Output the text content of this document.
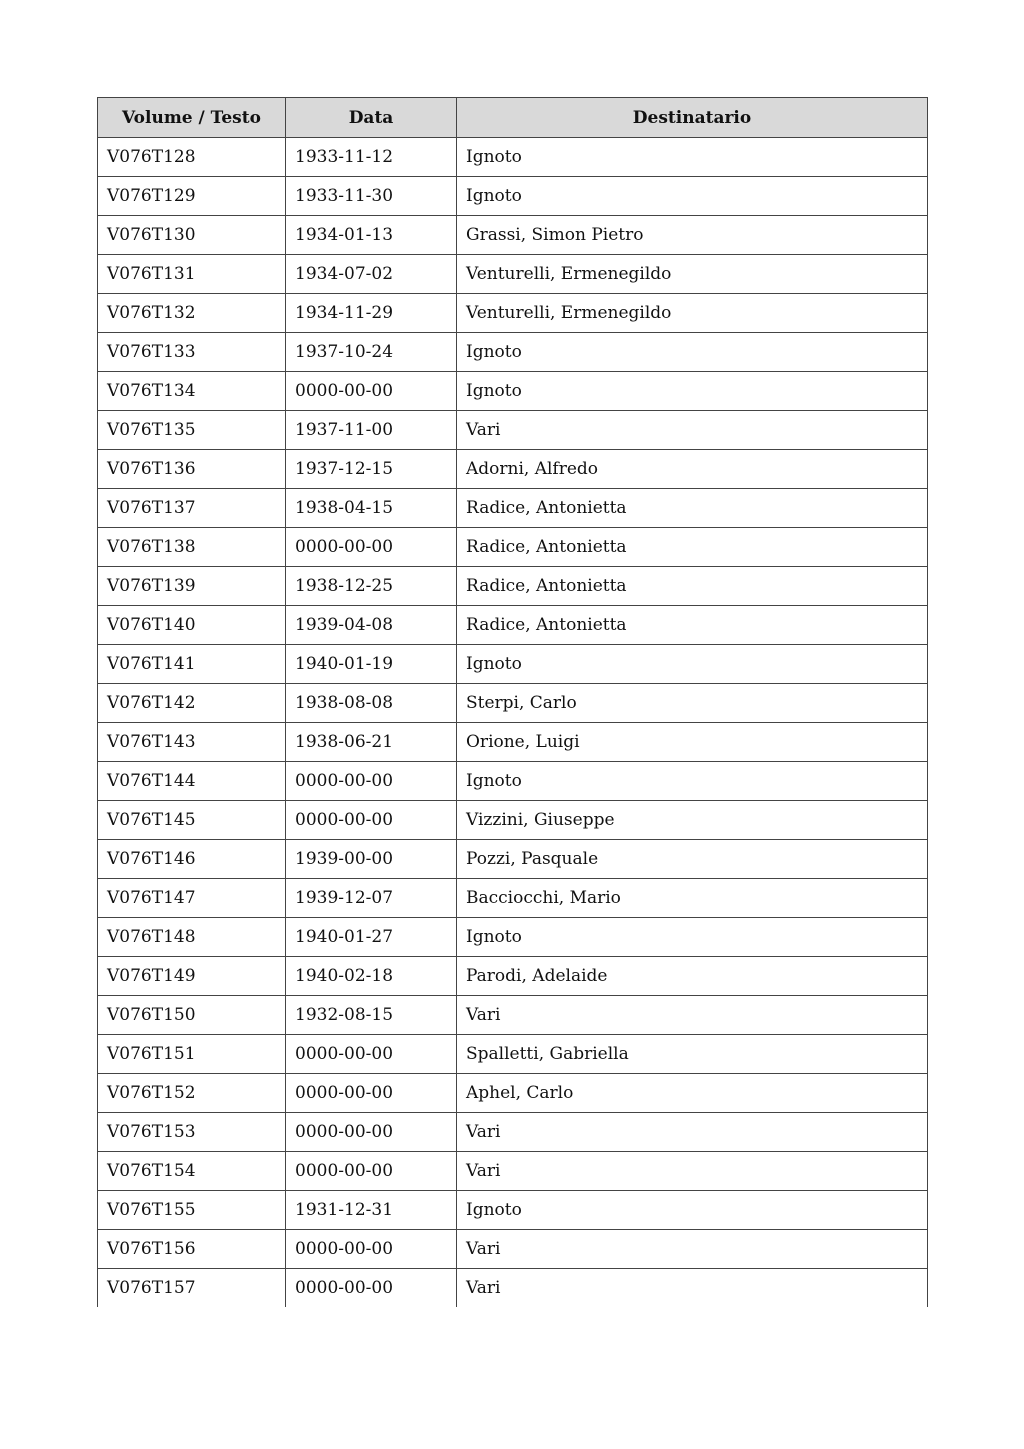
Volume / Testo	Data	Destinatario
V076T128	1933-11-12	Ignoto
V076T129	1933-11-30	Ignoto
V076T130	1934-01-13	Grassi, Simon Pietro
V076T131	1934-07-02	Venturelli, Ermenegildo
V076T132	1934-11-29	Venturelli, Ermenegildo
V076T133	1937-10-24	Ignoto
V076T134	0000-00-00	Ignoto
V076T135	1937-11-00	Vari
V076T136	1937-12-15	Adorni, Alfredo
V076T137	1938-04-15	Radice, Antonietta
V076T138	0000-00-00	Radice, Antonietta
V076T139	1938-12-25	Radice, Antonietta
V076T140	1939-04-08	Radice, Antonietta
V076T141	1940-01-19	Ignoto
V076T142	1938-08-08	Sterpi, Carlo
V076T143	1938-06-21	Orione, Luigi
V076T144	0000-00-00	Ignoto
V076T145	0000-00-00	Vizzini, Giuseppe
V076T146	1939-00-00	Pozzi, Pasquale
V076T147	1939-12-07	Bacciocchi, Mario
V076T148	1940-01-27	Ignoto
V076T149	1940-02-18	Parodi, Adelaide
V076T150	1932-08-15	Vari
V076T151	0000-00-00	Spalletti, Gabriella
V076T152	0000-00-00	Aphel, Carlo
V076T153	0000-00-00	Vari
V076T154	0000-00-00	Vari
V076T155	1931-12-31	Ignoto
V076T156	0000-00-00	Vari
V076T157	0000-00-00	Vari
